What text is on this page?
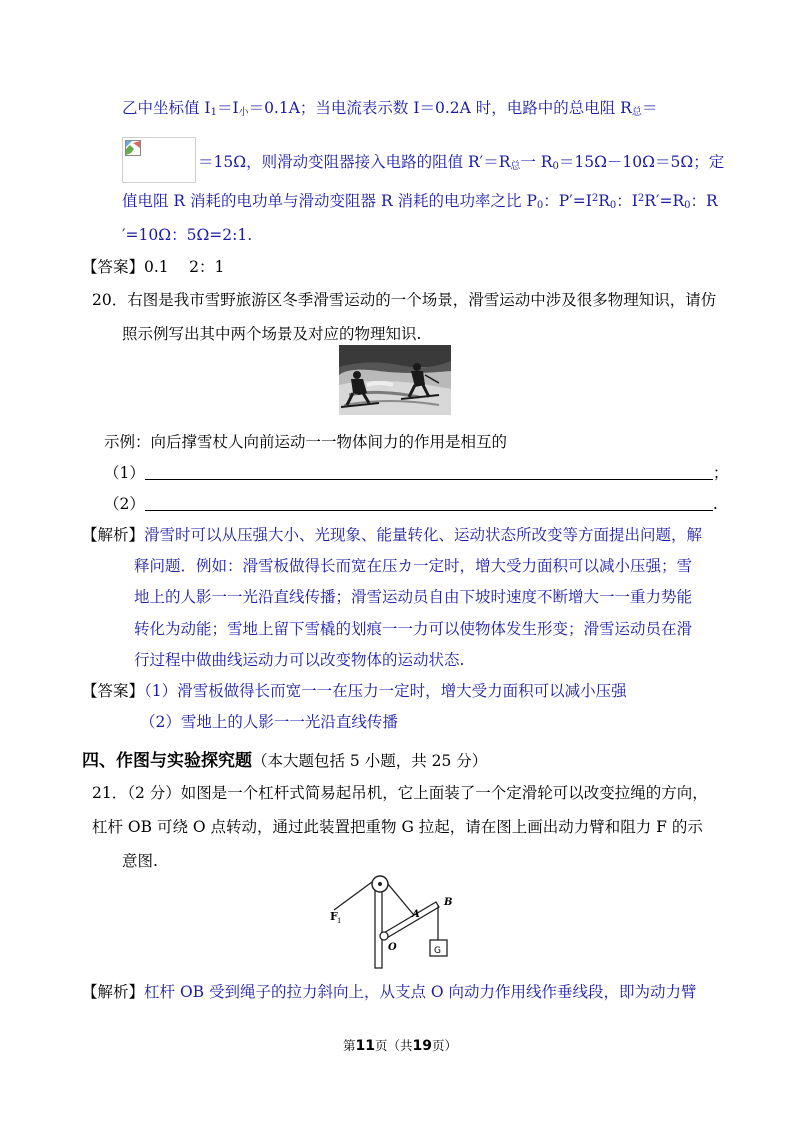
乙中坐标值 $I_1=I_小=0.1A$；当电流表示数 I＝0.2A 时，电路中的总电阻 $R_总=$
＝15Ω，则滑动变阻器接入电路的阻值 $R'=R_总$一 $R_0=15\Omega-10\Omega=5\Omega$；定
值电阻 R 消耗的电功单与滑动变阻器 R 消耗的电功率之比 $P_0$：$P'=I^2R_0$：$I^2R'=R_0$：R
′=10Ω：5Ω=2:1.
【答案】0.1　 2：1
20．右图是我市雪野旅游区冬季滑雪运动的一个场景，滑雪运动中涉及很多物理知识，请仿
照示例写出其中两个场景及对应的物理知识.
示例：向后撑雪杖人向前运动一一物体间力的作用是相互的
（1）	；
（2）	.
【解析】滑雪时可以从压强大小、光现象、能量转化、运动状态所改变等方面提出问题，解
释问题．例如：滑雪板做得长而宽在压カ一定时，增大受力面积可以减小压强；雪
地上的人影一一光沿直线传播；滑雪运动员自由下坡时速度不断增大一一重力势能
转化为动能；雪地上留下雪橇的划痕一一力可以使物体发生形变；滑雪运动员在滑
行过程中做曲线运动力可以改变物体的运动状态.
【答案】（1）滑雪板做得长而宽一一在压力一定时，增大受力面积可以减小压强
（2）雪地上的人影一一光沿直线传播
四、作图与实验探究题（本大题包括 5 小题，共 25 分）
21．（2 分）如图是一个杠杆式简易起吊机，它上面装了一个定滑轮可以改变拉绳的方向，
杠杆 OB 可绕 O 点转动，通过此装置把重物 G 拉起，请在图上画出动力臂和阻力 F 的示
意图.
G
F 1
A
B
O
【解析】杠杆 OB 受到绳子的拉力斜向上，从支点 O 向动力作用线作垂线段，即为动力臂
第11页（共19页）
